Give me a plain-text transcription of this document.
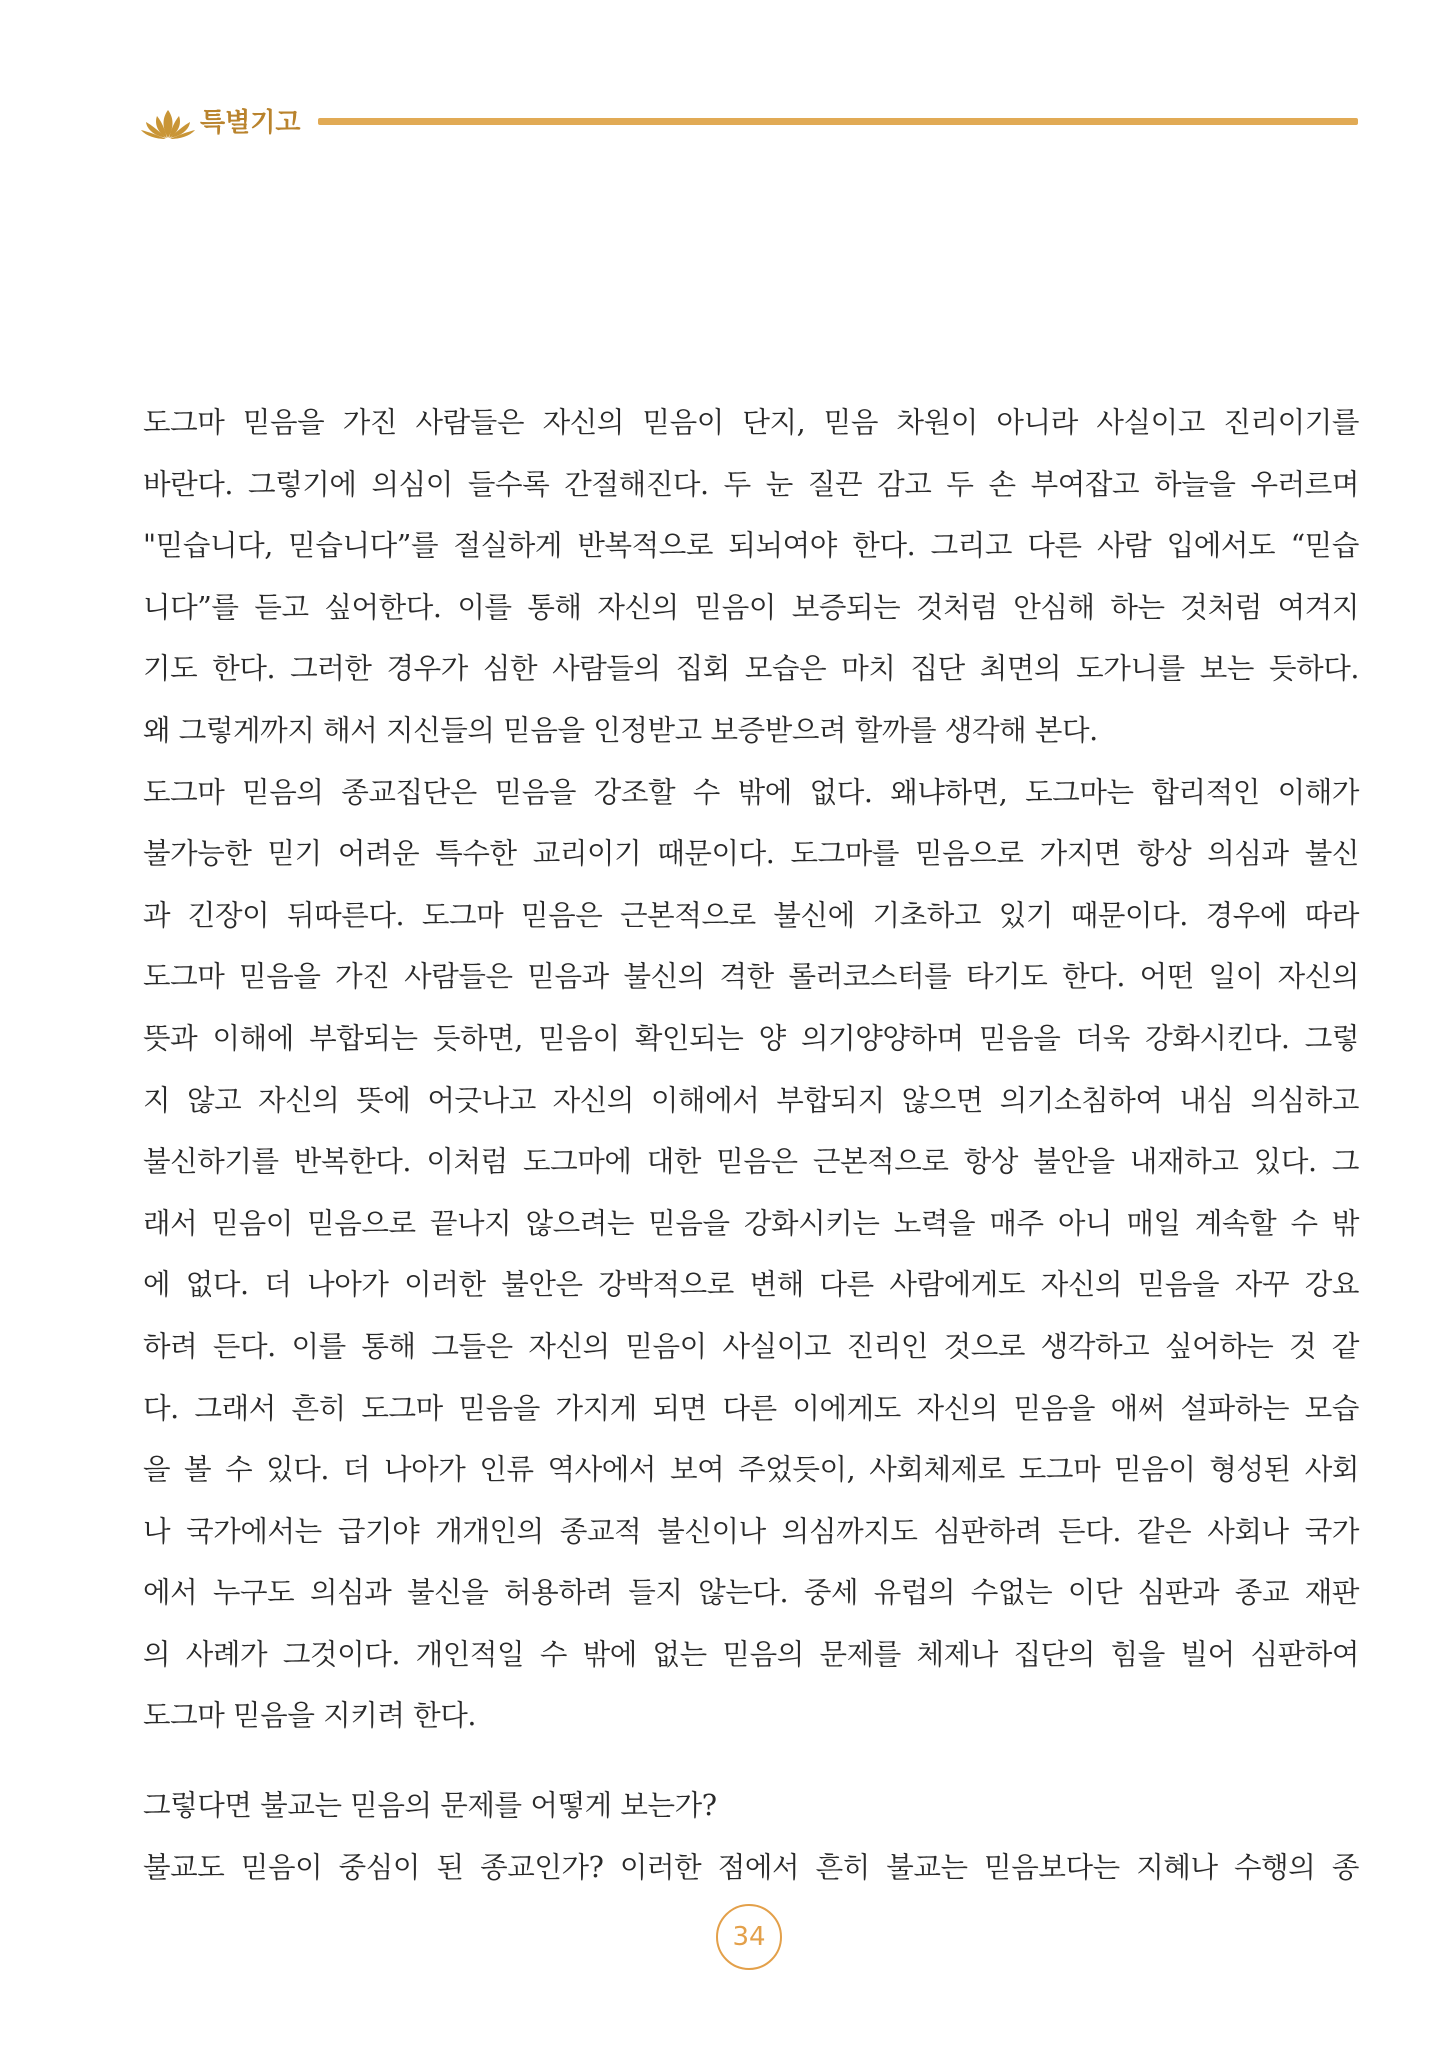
특별기고
도그마 믿음을 가진 사람들은 자신의 믿음이 단지, 믿음 차원이 아니라 사실이고 진리이기를
바란다. 그렇기에 의심이 들수록 간절해진다. 두 눈 질끈 감고 두 손 부여잡고 하늘을 우러르며
"믿습니다, 믿습니다”를 절실하게 반복적으로 되뇌여야 한다. 그리고 다른 사람 입에서도 “믿습
니다”를 듣고 싶어한다. 이를 통해 자신의 믿음이 보증되는 것처럼 안심해 하는 것처럼 여겨지
기도 한다. 그러한 경우가 심한 사람들의 집회 모습은 마치 집단 최면의 도가니를 보는 듯하다.
왜 그렇게까지 해서 지신들의 믿음을 인정받고 보증받으려 할까를 생각해 본다.
도그마 믿음의 종교집단은 믿음을 강조할 수 밖에 없다. 왜냐하면, 도그마는 합리적인 이해가
불가능한 믿기 어려운 특수한 교리이기 때문이다. 도그마를 믿음으로 가지면 항상 의심과 불신
과 긴장이 뒤따른다. 도그마 믿음은 근본적으로 불신에 기초하고 있기 때문이다. 경우에 따라
도그마 믿음을 가진 사람들은 믿음과 불신의 격한 롤러코스터를 타기도 한다. 어떤 일이 자신의
뜻과 이해에 부합되는 듯하면, 믿음이 확인되는 양 의기양양하며 믿음을 더욱 강화시킨다. 그렇
지 않고 자신의 뜻에 어긋나고 자신의 이해에서 부합되지 않으면 의기소침하여 내심 의심하고
불신하기를 반복한다. 이처럼 도그마에 대한 믿음은 근본적으로 항상 불안을 내재하고 있다. 그
래서 믿음이 믿음으로 끝나지 않으려는 믿음을 강화시키는 노력을 매주 아니 매일 계속할 수 밖
에 없다. 더 나아가 이러한 불안은 강박적으로 변해 다른 사람에게도 자신의 믿음을 자꾸 강요
하려 든다. 이를 통해 그들은 자신의 믿음이 사실이고 진리인 것으로 생각하고 싶어하는 것 같
다. 그래서 흔히 도그마 믿음을 가지게 되면 다른 이에게도 자신의 믿음을 애써 설파하는 모습
을 볼 수 있다. 더 나아가 인류 역사에서 보여 주었듯이, 사회체제로 도그마 믿음이 형성된 사회
나 국가에서는 급기야 개개인의 종교적 불신이나 의심까지도 심판하려 든다. 같은 사회나 국가
에서 누구도 의심과 불신을 허용하려 들지 않는다. 중세 유럽의 수없는 이단 심판과 종교 재판
의 사례가 그것이다. 개인적일 수 밖에 없는 믿음의 문제를 체제나 집단의 힘을 빌어 심판하여
도그마 믿음을 지키려 한다.
그렇다면 불교는 믿음의 문제를 어떻게 보는가?
불교도 믿음이 중심이 된 종교인가? 이러한 점에서 흔히 불교는 믿음보다는 지혜나 수행의 종
34
